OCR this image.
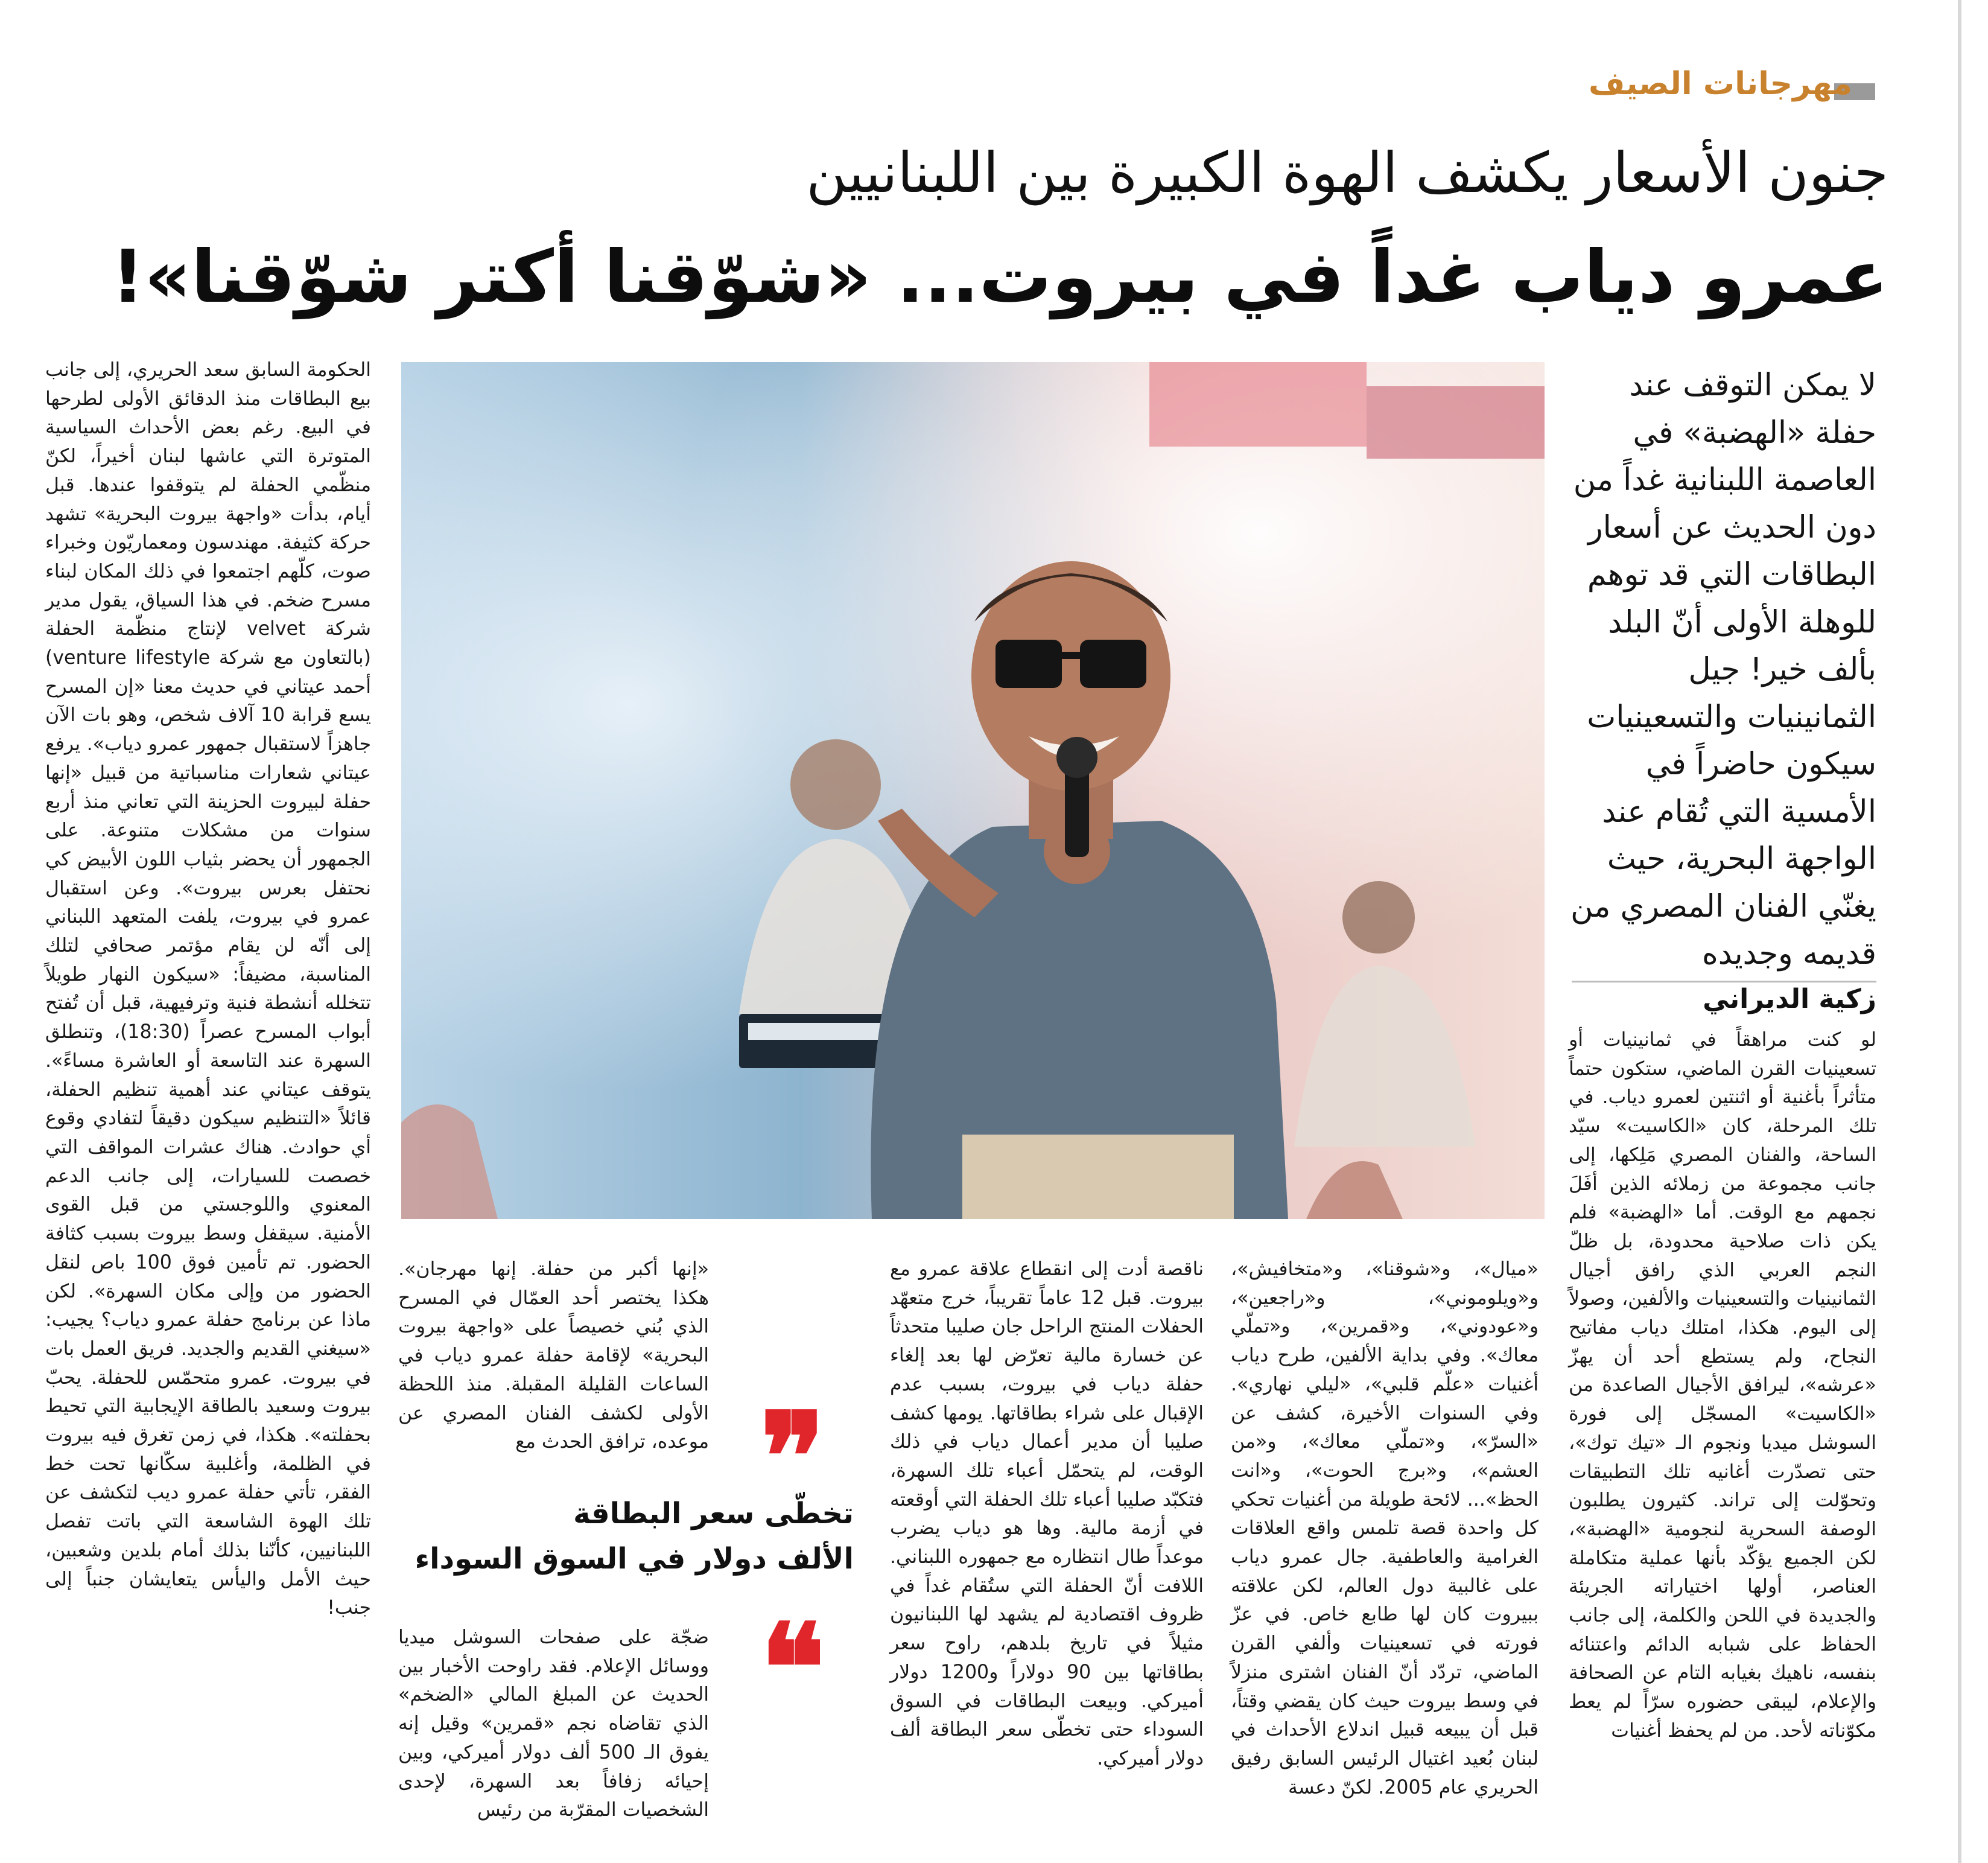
مهرجانات الصيف
جنون الأسعار يكشف الهوة الكبيرة بين اللبنانيين
عمرو دياب غداً في بيروت... «شوّقنا أكتر شوّقنا»!
لا يمكن التوقف عند حفلة «الهضبة» في العاصمة اللبنانية غداً من دون الحديث عن أسعار البطاقات التي قد توهم للوهلة الأولى أنّ البلد بألف خير! جيل الثمانينيات والتسعينيات سيكون حاضراً في الأمسية التي تُقام عند الواجهة البحرية، حيث يغنّي الفنان المصري من قديمه وجديده
زكية الديراني
لو كنت مراهقاً في ثمانينيات أو تسعينيات القرن الماضي، ستكون حتماً متأثراً بأغنية أو اثنتين لعمرو دياب. في تلك المرحلة، كان «الكاسيت» سيّد الساحة، والفنان المصري مَلِكها، إلى جانب مجموعة من زملائه الذين أفَلَ نجمهم مع الوقت. أما «الهضبة» فلم يكن ذات صلاحية محدودة، بل ظلّ النجم العربي الذي رافق أجيال الثمانينيات والتسعينيات والألفين، وصولاً إلى اليوم. هكذا، امتلك دياب مفاتيح النجاح، ولم يستطع أحد أن يهزّ «عرشه»، ليرافق الأجيال الصاعدة من «الكاسيت» المسجّل إلى فورة السوشل ميديا ونجوم الـ «تيك توك»، حتى تصدّرت أغانيه تلك التطبيقات وتحوّلت إلى تراند. كثيرون يطلبون الوصفة السحرية لنجومية «الهضبة»، لكن الجميع يؤكّد بأنها عملية متكاملة العناصر، أولها اختياراته الجريئة والجديدة في اللحن والكلمة، إلى جانب الحفاظ على شبابه الدائم واعتنائه بنفسه، ناهيك بغيابه التام عن الصحافة والإعلام، ليبقى حضوره سرّاً لم يعط مكوّناته لأحد. من لم يحفظ أغنيات
«ميال»، و«شوقنا»، و«متخافيش»، و«ويلوموني»، و«راجعين»، و«عودوني»، و«قمرين»، و«تملّي معاك». وفي بداية الألفين، طرح دياب أغنيات «علّم قلبي»، «ليلي نهاري». وفي السنوات الأخيرة، كشف عن «السرّ»، و«تملّي معاك»، و«من العشم»، و«برج الحوت»، و«انت الحظ»... لائحة طويلة من أغنيات تحكي كل واحدة قصة تلمس واقع العلاقات الغرامية والعاطفية. جال عمرو دياب على غالبية دول العالم، لكن علاقته ببيروت كان لها طابع خاص. في عزّ فورته في تسعينيات وألفي القرن الماضي، تردّد أنّ الفنان اشترى منزلاً في وسط بيروت حيث كان يقضي وقتاً، قبل أن يبيعه قبيل اندلاع الأحداث في لبنان بُعيد اغتيال الرئيس السابق رفيق الحريري عام 2005. لكنّ دعسة
ناقصة أدت إلى انقطاع علاقة عمرو مع بيروت. قبل 12 عاماً تقريباً، خرج متعهّد الحفلات المنتج الراحل جان صليبا متحدثاً عن خسارة مالية تعرّض لها بعد إلغاء حفلة دياب في بيروت، بسبب عدم الإقبال على شراء بطاقاتها. يومها كشف صليبا أن مدير أعمال دياب في ذلك الوقت، لم يتحمّل أعباء تلك السهرة، فتكبّد صليبا أعباء تلك الحفلة التي أوقعته في أزمة مالية. وها هو دياب يضرب موعداً طال انتظاره مع جمهوره اللبناني. اللافت أنّ الحفلة التي ستُقام غداً في ظروف اقتصادية لم يشهد لها اللبنانيون مثيلاً في تاريخ بلدهم، راوح سعر بطاقاتها بين 90 دولاراً و1200 دولار أميركي. وبيعت البطاقات في السوق السوداء حتى تخطّى سعر البطاقة ألف دولار أميركي.
«إنها أكبر من حفلة. إنها مهرجان». هكذا يختصر أحد العمّال في المسرح الذي بُني خصيصاً على «واجهة بيروت البحرية» لإقامة حفلة عمرو دياب في الساعات القليلة المقبلة. منذ اللحظة الأولى لكشف الفنان المصري عن موعده، ترافق الحدث مع
ضجّة على صفحات السوشل ميديا ووسائل الإعلام. فقد راوحت الأخبار بين الحديث عن المبلغ المالي «الضخم» الذي تقاضاه نجم «قمرين» وقيل إنه يفوق الـ 500 ألف دولار أميركي، وبين إحيائه زفافاً بعد السهرة، لإحدى الشخصيات المقرّبة من رئيس
الحكومة السابق سعد الحريري، إلى جانب بيع البطاقات منذ الدقائق الأولى لطرحها في البيع. رغم بعض الأحداث السياسية المتوترة التي عاشها لبنان أخيراً، لكنّ منظّمي الحفلة لم يتوقفوا عندها. قبل أيام، بدأت «واجهة بيروت البحرية» تشهد حركة كثيفة. مهندسون ومعماريّون وخبراء صوت، كلّهم اجتمعوا في ذلك المكان لبناء مسرح ضخم. في هذا السياق، يقول مدير شركة velvet لإنتاج منظّمة الحفلة (بالتعاون مع شركة venture lifestyle) أحمد عيتاني في حديث معنا «إن المسرح يسع قرابة 10 آلاف شخص، وهو بات الآن جاهزاً لاستقبال جمهور عمرو دياب». يرفع عيتاني شعارات مناسباتية من قبيل «إنها حفلة لبيروت الحزينة التي تعاني منذ أربع سنوات من مشكلات متنوعة. على الجمهور أن يحضر بثياب اللون الأبيض كي نحتفل بعرس بيروت». وعن استقبال عمرو في بيروت، يلفت المتعهد اللبناني إلى أنّه لن يقام مؤتمر صحافي لتلك المناسبة، مضيفاً: «سيكون النهار طويلاً تتخلله أنشطة فنية وترفيهية، قبل أن تُفتح أبواب المسرح عصراً (18:30)، وتنطلق السهرة عند التاسعة أو العاشرة مساءً». يتوقف عيتاني عند أهمية تنظيم الحفلة، قائلاً «التنظيم سيكون دقيقاً لتفادي وقوع أي حوادث. هناك عشرات المواقف التي خصصت للسيارات، إلى جانب الدعم المعنوي واللوجستي من قبل القوى الأمنية. سيقفل وسط بيروت بسبب كثافة الحضور. تم تأمين فوق 100 باص لنقل الحضور من وإلى مكان السهرة». لكن ماذا عن برنامج حفلة عمرو دياب؟ يجيب: «سيغني القديم والجديد. فريق العمل بات في بيروت. عمرو متحمّس للحفلة. يحبّ بيروت وسعيد بالطاقة الإيجابية التي تحيط بحفلته». هكذا، في زمن تغرق فيه بيروت في الظلمة، وأغلبية سكّانها تحت خط الفقر، تأتي حفلة عمرو ديب لتكشف عن تلك الهوة الشاسعة التي باتت تفصل اللبنانيين، كأنّنا بذلك أمام بلدين وشعبين، حيث الأمل واليأس يتعايشان جنباً إلى جنب!
❞
تخطّى سعر البطاقة
الألف دولار في السوق السوداء
❝
